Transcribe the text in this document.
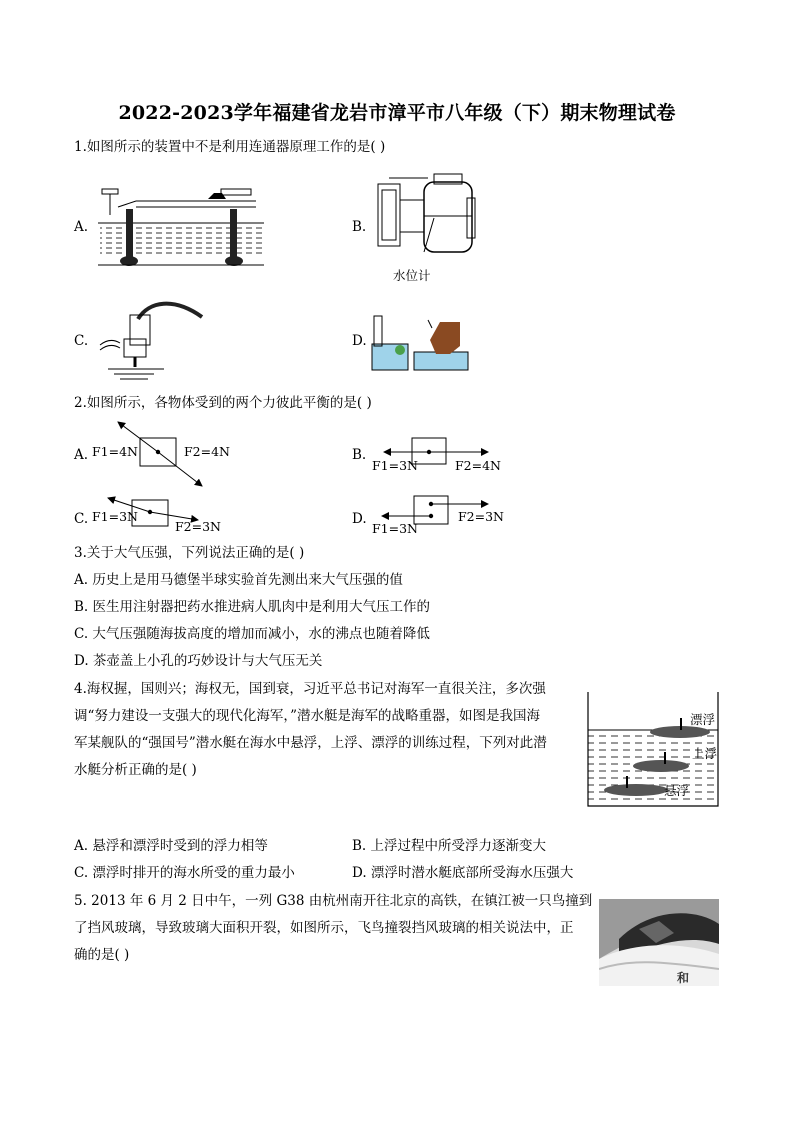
2022-2023学年福建省龙岩市漳平市八年级（下）期末物理试卷
1.如图所示的装置中不是利用连通器原理工作的是( )
A.	B.
水位计
C.	D.
2.如图所示，各物体受到的两个力彼此平衡的是( )
A. F1=4N	F2=4N	B.
F1=3N	F2=4N
C. F1=3N
F2=3N	D.
F1=3N
F2=3N
3.关于大气压强，下列说法正确的是( )
A. 历史上是用马德堡半球实验首先测出来大气压强的值
B. 医生用注射器把药水推进病人肌肉中是利用大气压工作的
C. 大气压强随海拔高度的增加而减小，水的沸点也随着降低
D. 茶壶盖上小孔的巧妙设计与大气压无关
4.海权握，国则兴；海权无，国到衰，习近平总书记对海军一直很关注，多次强
调“努力建设一支强大的现代化海军，”潜水艇是海军的战略重器，如图是我国海
军某舰队的“强国号”潜水艇在海水中悬浮，上浮、漂浮的训练过程，下列对此潜
水艇分析正确的是( )
漂浮
上浮
悬浮
A. 悬浮和漂浮时受到的浮力相等	B. 上浮过程中所受浮力逐渐变大
C. 漂浮时排开的海水所受的重力最小	D. 漂浮时潜水艇底部所受海水压强大
5. 2013 年 6 月 2 日中午，一列 G38 由杭州南开往北京的高铁，在镇江被一只鸟撞到
了挡风玻璃，导致玻璃大面积开裂，如图所示，飞鸟撞裂挡风玻璃的相关说法中，正
确的是( )
和
